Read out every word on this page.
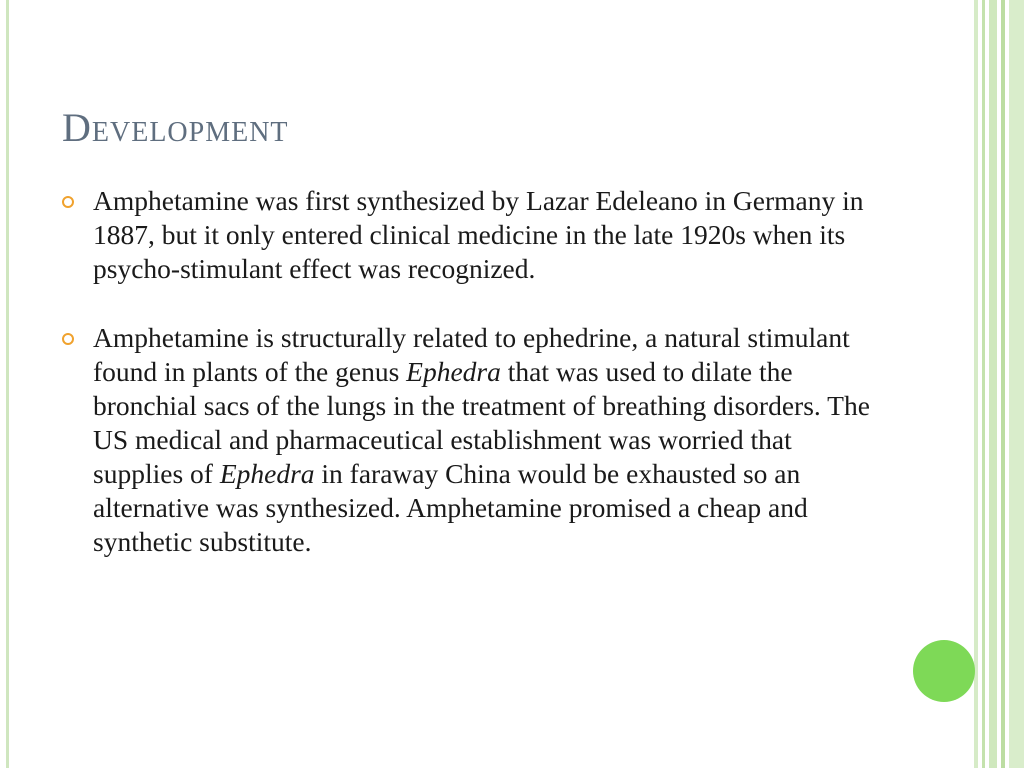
Development
Amphetamine was first synthesized by Lazar Edeleano in Germany in 1887, but it only entered clinical medicine in the late 1920s when its psycho-stimulant effect was recognized.
Amphetamine is structurally related to ephedrine, a natural stimulant found in plants of the genus Ephedra that was used to dilate the bronchial sacs of the lungs in the treatment of breathing disorders. The US medical and pharmaceutical establishment was worried that supplies of Ephedra in faraway China would be exhausted so an alternative was synthesized. Amphetamine promised a cheap and synthetic substitute.
